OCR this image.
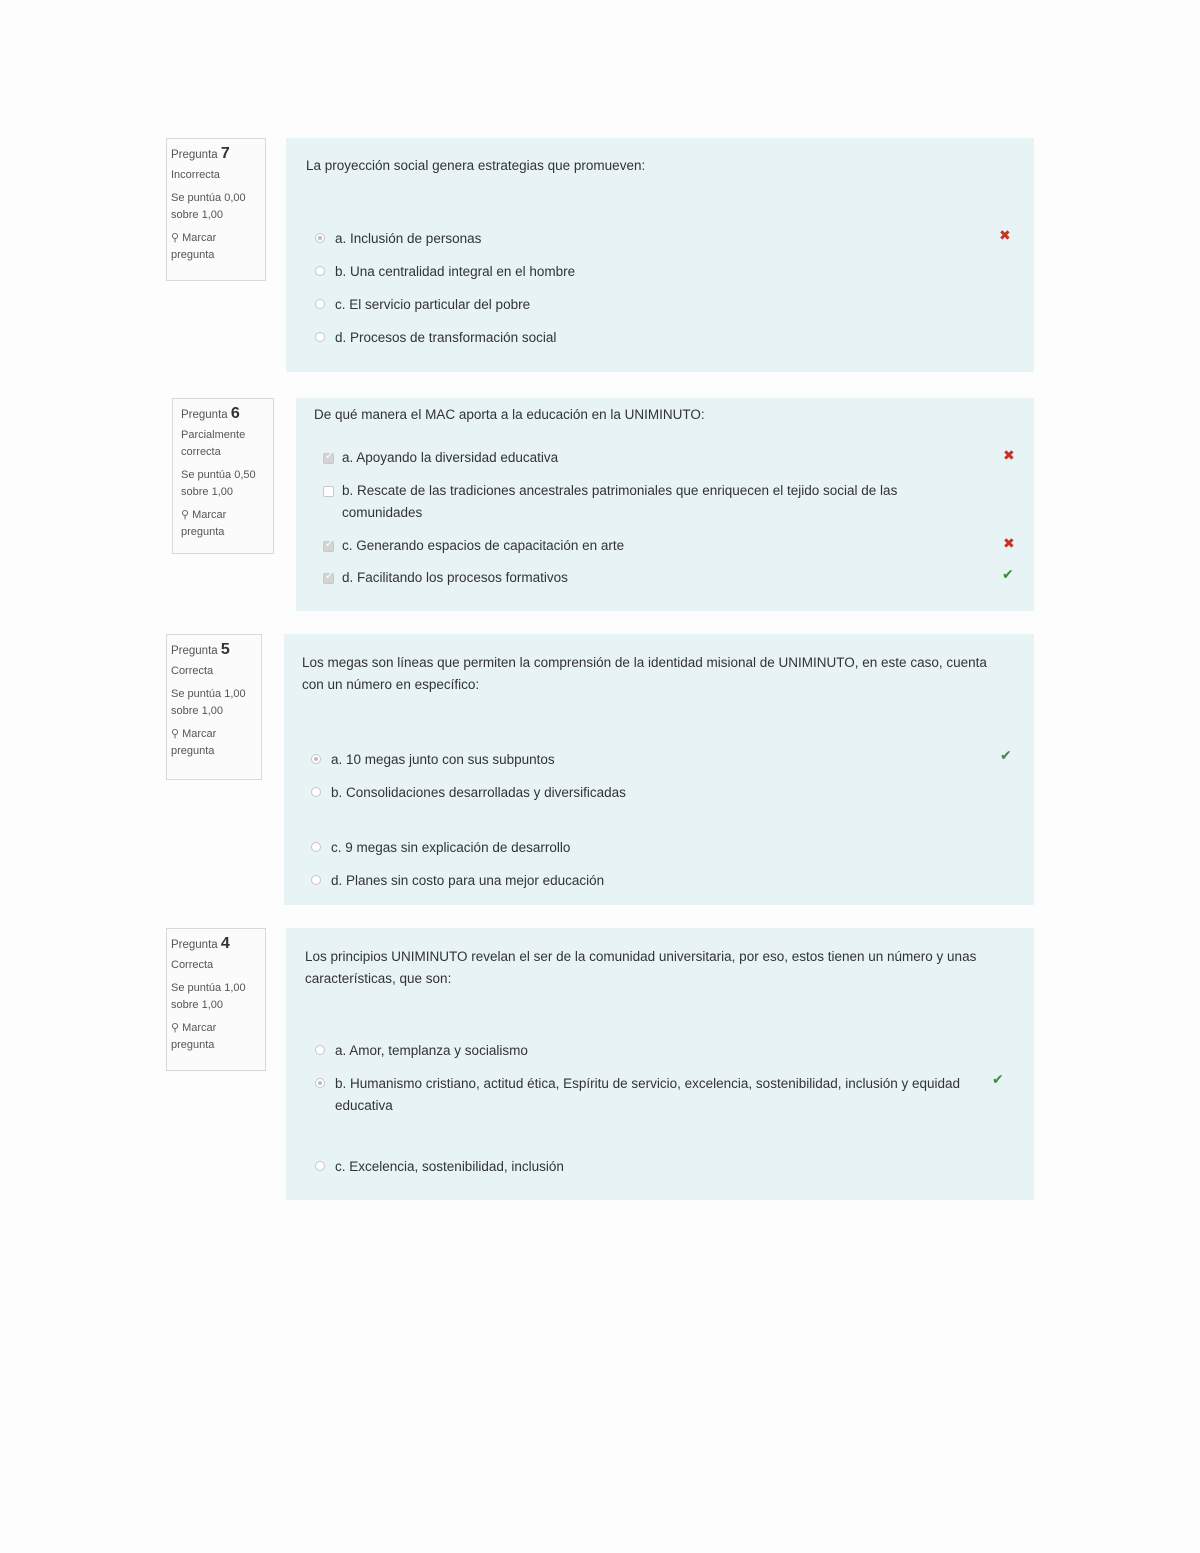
Pregunta 7
Incorrecta
Se puntúa 0,00 sobre 1,00
⚲ Marcar pregunta
La proyección social genera estrategias que promueven:
a. Inclusión de personas	✖
b. Una centralidad integral en el hombre
c. El servicio particular del pobre
d. Procesos de transformación social
Pregunta 6
Parcialmente correcta
Se puntúa 0,50 sobre 1,00
⚲ Marcar pregunta
De qué manera el MAC aporta a la educación en la UNIMINUTO:
✓
a. Apoyando la diversidad educativa	✖
b. Rescate de las tradiciones ancestrales patrimoniales que enriquecen el tejido social de las comunidades
✓
c. Generando espacios de capacitación en arte	✖
✓
d. Facilitando los procesos formativos	✔
Pregunta 5
Correcta
Se puntúa 1,00 sobre 1,00
⚲ Marcar pregunta
Los megas son líneas que permiten la comprensión de la identidad misional de UNIMINUTO, en este caso, cuenta con un número en específico:
a. 10 megas junto con sus subpuntos	✔
b. Consolidaciones desarrolladas y diversificadas
c. 9 megas sin explicación de desarrollo
d. Planes sin costo para una mejor educación
Pregunta 4
Correcta
Se puntúa 1,00 sobre 1,00
⚲ Marcar pregunta
Los principios UNIMINUTO revelan el ser de la comunidad universitaria, por eso, estos tienen un número y unas características, que son:
a. Amor, templanza y socialismo
b. Humanismo cristiano, actitud ética, Espíritu de servicio, excelencia, sostenibilidad, inclusión y equidad educativa
✔
c. Excelencia, sostenibilidad, inclusión
